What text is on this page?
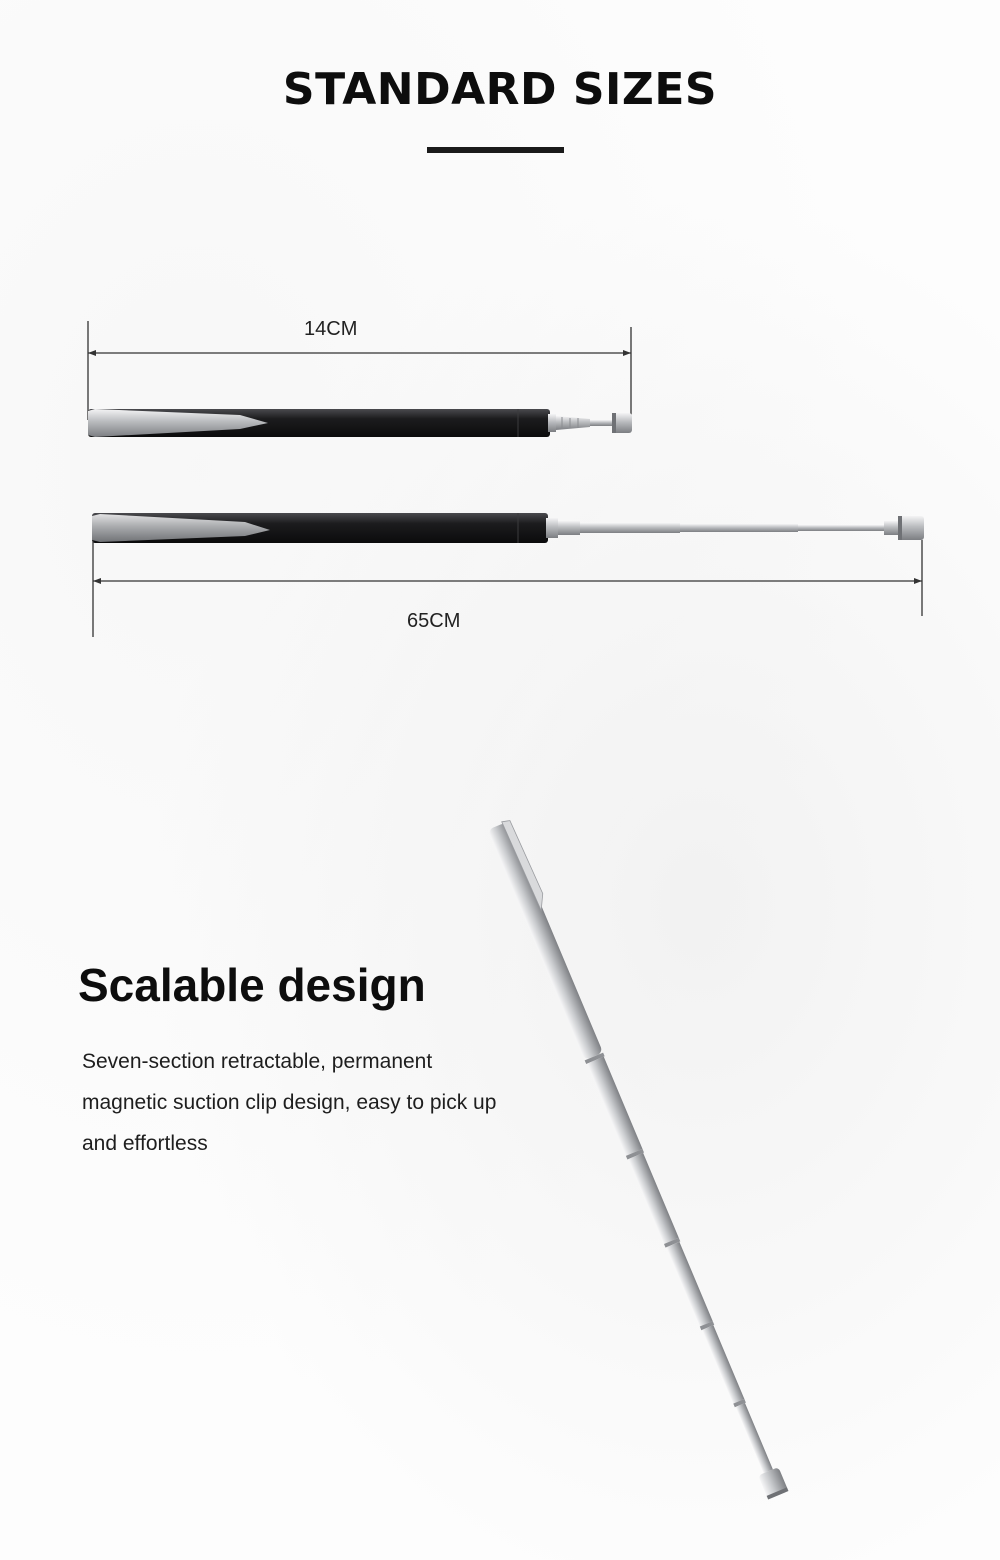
STANDARD SIZES
14CM
65CM
Scalable design

Seven-section retractable, permanent magnetic suction clip design, easy to pick up and effortless
